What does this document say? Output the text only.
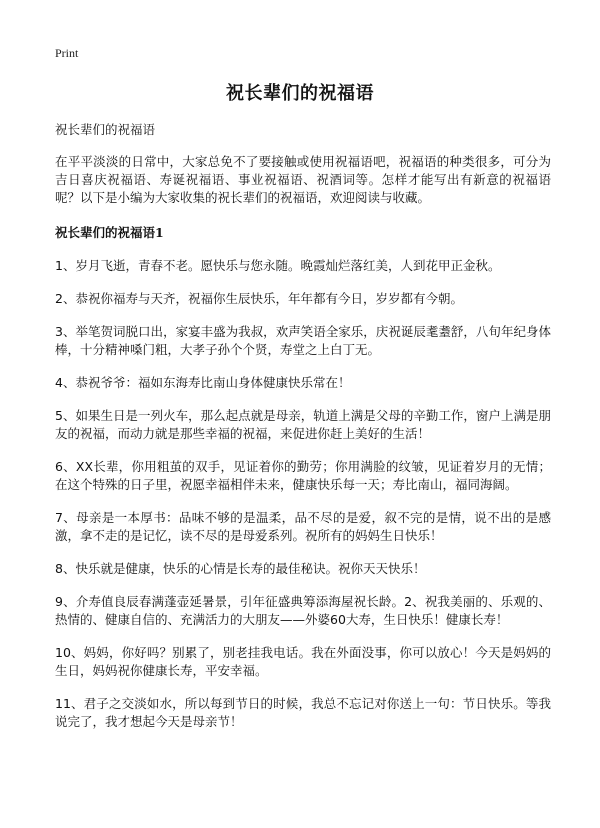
Print
祝长辈们的祝福语

祝长辈们的祝福语

在平平淡淡的日常中，大家总免不了要接触或使用祝福语吧，祝福语的种类很多，可分为吉日喜庆祝福语、寿诞祝福语、事业祝福语、祝酒词等。怎样才能写出有新意的祝福语呢？以下是小编为大家收集的祝长辈们的祝福语，欢迎阅读与收藏。

祝长辈们的祝福语1

1、岁月飞逝，青春不老。愿快乐与您永随。晚霞灿烂落红美，人到花甲正金秋。

2、恭祝你福寿与天齐，祝福你生辰快乐，年年都有今日，岁岁都有今朝。

3、举笔贺词脱口出，家宴丰盛为我叔，欢声笑语全家乐，庆祝诞辰耄耋舒，八旬年纪身体棒，十分精神嗓门粗，大孝子孙个个贤，寿堂之上白丁无。

4、恭祝爷爷：福如东海寿比南山身体健康快乐常在！

5、如果生日是一列火车，那么起点就是母亲，轨道上满是父母的辛勤工作，窗户上满是朋友的祝福，而动力就是那些幸福的祝福，来促进你赶上美好的生活！

6、XX长辈，你用粗茧的双手，见证着你的勤劳；你用满脸的纹皱，见证着岁月的无情；在这个特殊的日子里，祝愿幸福相伴未来，健康快乐每一天；寿比南山，福同海阔。

7、母亲是一本厚书：品味不够的是温柔，品不尽的是爱，叙不完的是情，说不出的是感激，拿不走的是记忆，读不尽的是母爱系列。祝所有的妈妈生日快乐！

8、快乐就是健康，快乐的心情是长寿的最佳秘诀。祝你天天快乐！

9、介寿值良辰春满蓬壶延暑景，引年征盛典筹添海屋祝长龄。2、祝我美丽的、乐观的、热情的、健康自信的、充满活力的大朋友——外婆60大寿，生日快乐！健康长寿！

10、妈妈，你好吗？别累了，别老挂我电话。我在外面没事，你可以放心！今天是妈妈的生日，妈妈祝你健康长寿，平安幸福。

11、君子之交淡如水，所以每到节日的时候，我总不忘记对你送上一句：节日快乐。等我说完了，我才想起今天是母亲节！
